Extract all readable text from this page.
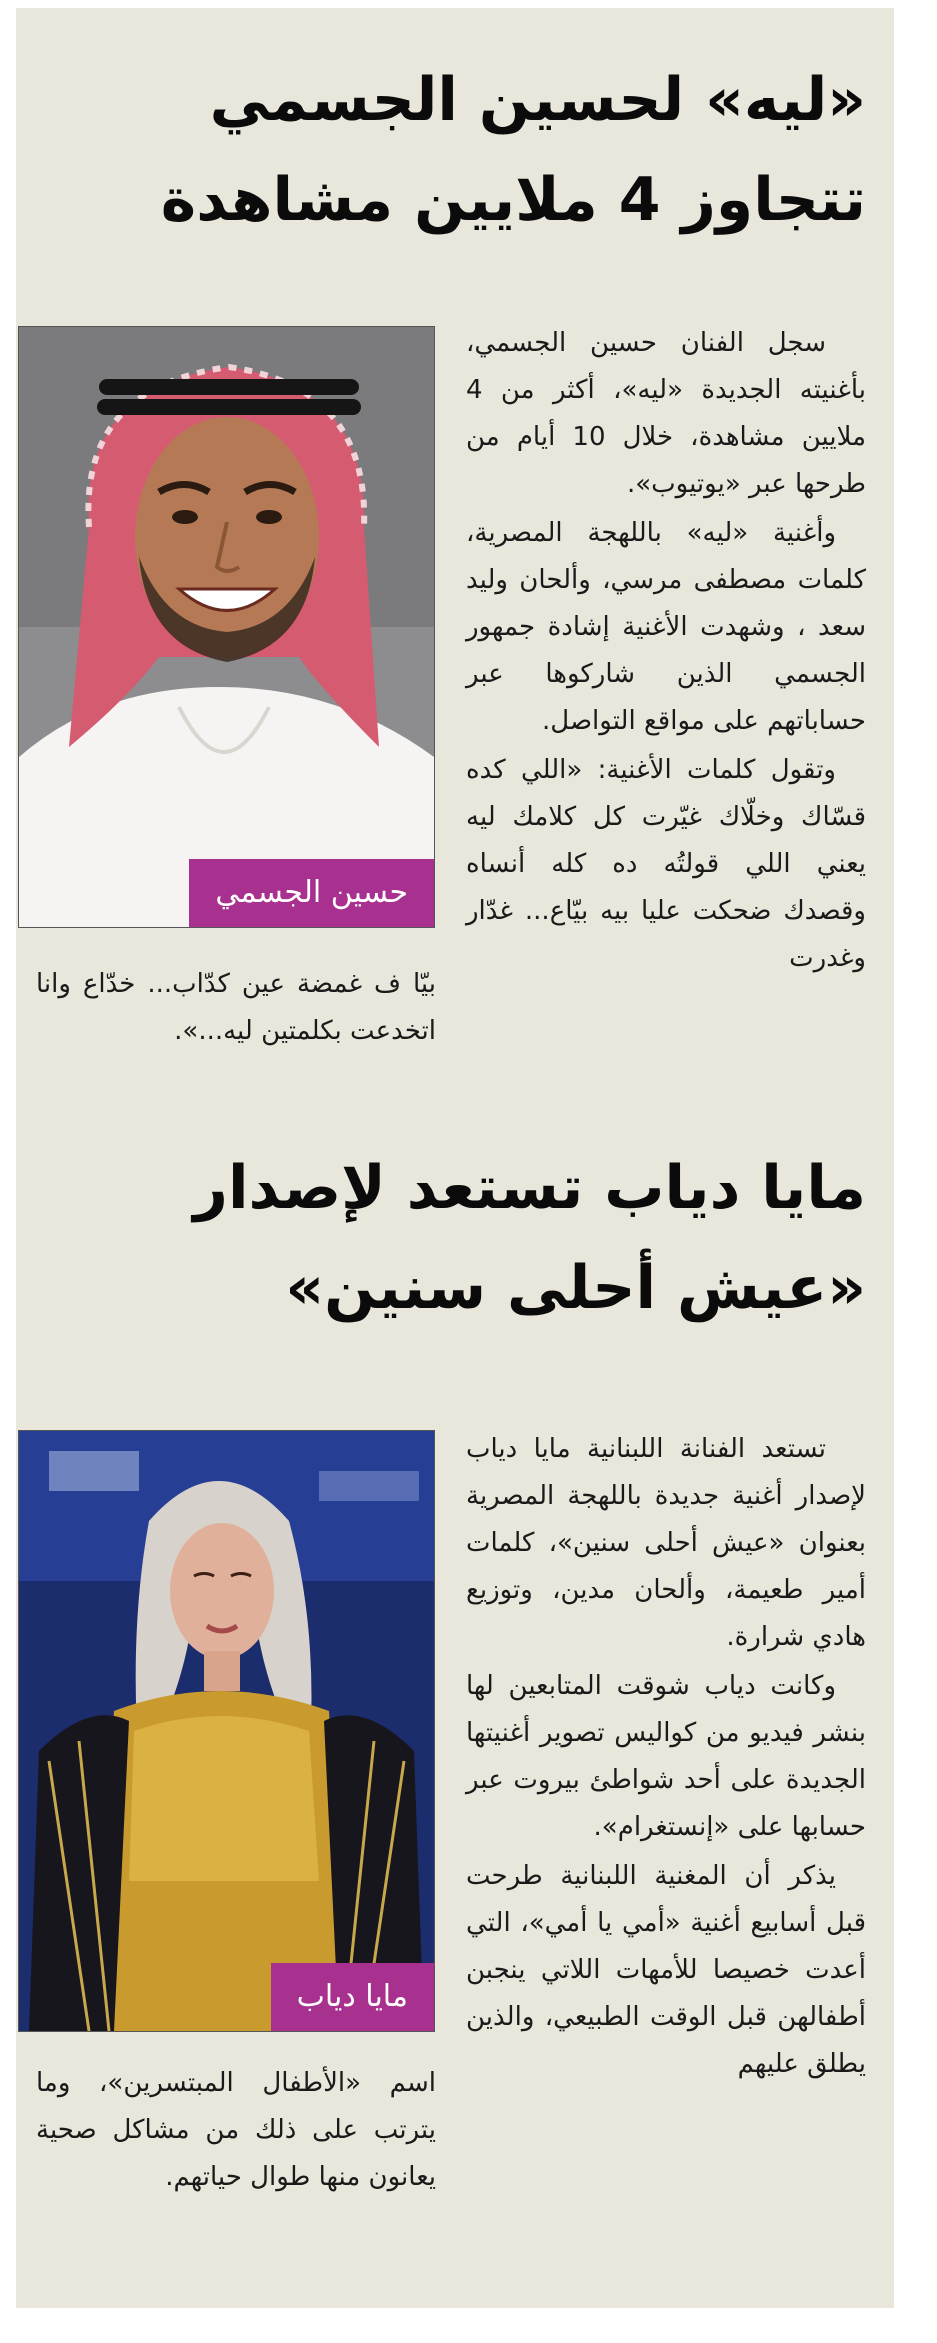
«ليه» لحسين الجسمي
تتجاوز 4 ملايين مشاهدة

سجل الفنان حسين الجسمي، بأغنيته الجديدة «ليه»، أكثر من 4 ملايين مشاهدة، خلال 10 أيام من طرحها عبر «يوتيوب».

وأغنية «ليه» باللهجة المصرية، كلمات مصطفى مرسي، وألحان وليد سعد ، وشهدت الأغنية إشادة جمهور الجسمي الذين شاركوها عبر حساباتهم على مواقع التواصل.

وتقول كلمات الأغنية: «اللي كده قسّاك وخلّاك غيّرت كل كلامك ليه يعني اللي قولتُه ده كله أنساه وقصدك ضحكت عليا بيه بيّاع... غدّار وغدرت

حسين الجسمي
بيّا ف غمضة عين كدّاب... خدّاع وانا اتخدعت بكلمتين ليه...».
مايا دياب تستعد لإصدار
«عيش أحلى سنين»

تستعد الفنانة اللبنانية مايا دياب لإصدار أغنية جديدة باللهجة المصرية بعنوان «عيش أحلى سنين»، كلمات أمير طعيمة، وألحان مدين، وتوزيع هادي شرارة.

وكانت دياب شوقت المتابعين لها بنشر فيديو من كواليس تصوير أغنيتها الجديدة على أحد شواطئ بيروت عبر حسابها على «إنستغرام».

يذكر أن المغنية اللبنانية طرحت قبل أسابيع أغنية «أمي يا أمي»، التي أعدت خصيصا للأمهات اللاتي ينجبن أطفالهن قبل الوقت الطبيعي، والذين يطلق عليهم

مايا دياب
اسم «الأطفال المبتسرين»، وما يترتب على ذلك من مشاكل صحية يعانون منها طوال حياتهم.
